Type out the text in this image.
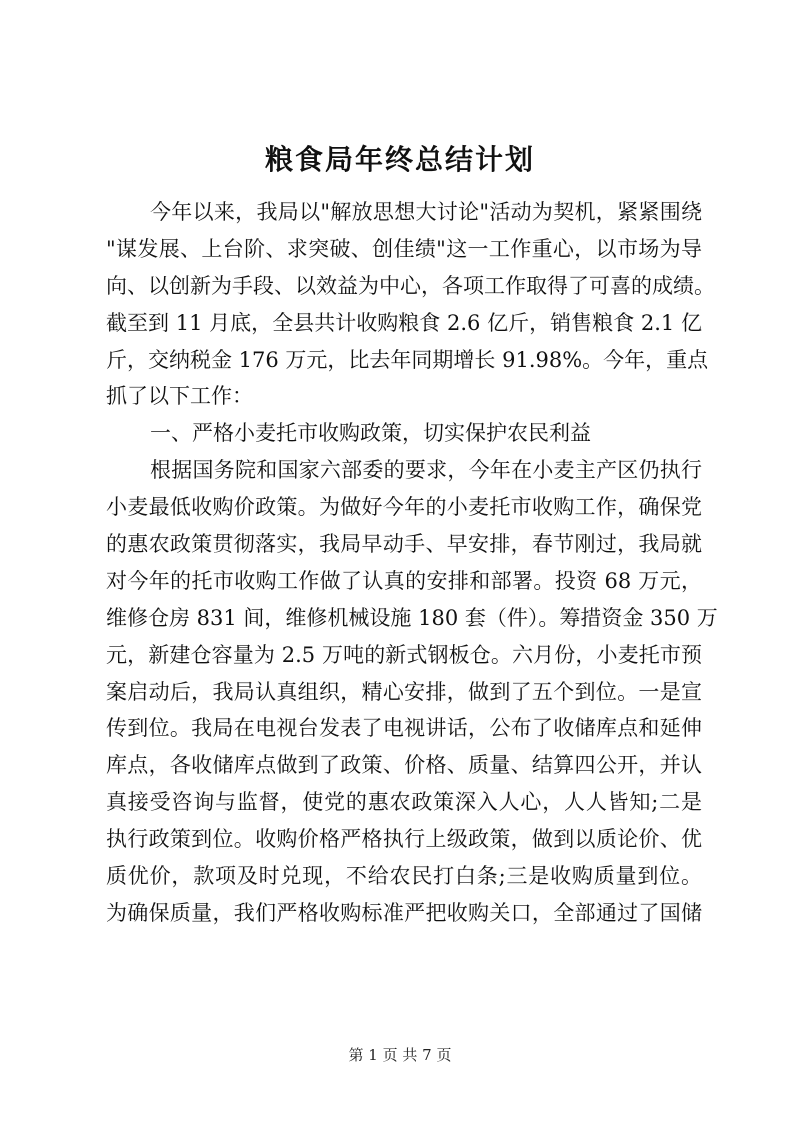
粮食局年终总结计划
今年以来，我局以"解放思想大讨论"活动为契机，紧紧围绕
"谋发展、上台阶、求突破、创佳绩"这一工作重心，以市场为导
向、以创新为手段、以效益为中心，各项工作取得了可喜的成绩。
截至到 11 月底，全县共计收购粮食 2.6 亿斤，销售粮食 2.1 亿
斤，交纳税金 176 万元，比去年同期增长 91.98%。今年，重点
抓了以下工作：
一、严格小麦托市收购政策，切实保护农民利益
根据国务院和国家六部委的要求，今年在小麦主产区仍执行
小麦最低收购价政策。为做好今年的小麦托市收购工作，确保党
的惠农政策贯彻落实，我局早动手、早安排，春节刚过，我局就
对今年的托市收购工作做了认真的安排和部署。投资 68 万元，
维修仓房 831 间，维修机械设施 180 套（件）。筹措资金 350 万
元，新建仓容量为 2.5 万吨的新式钢板仓。六月份，小麦托市预
案启动后，我局认真组织，精心安排，做到了五个到位。一是宣
传到位。我局在电视台发表了电视讲话，公布了收储库点和延伸
库点，各收储库点做到了政策、价格、质量、结算四公开，并认
真接受咨询与监督，使党的惠农政策深入人心，人人皆知;二是
执行政策到位。收购价格严格执行上级政策，做到以质论价、优
质优价，款项及时兑现，不给农民打白条;三是收购质量到位。
为确保质量，我们严格收购标准严把收购关口，全部通过了国储
第 1 页 共 7 页
